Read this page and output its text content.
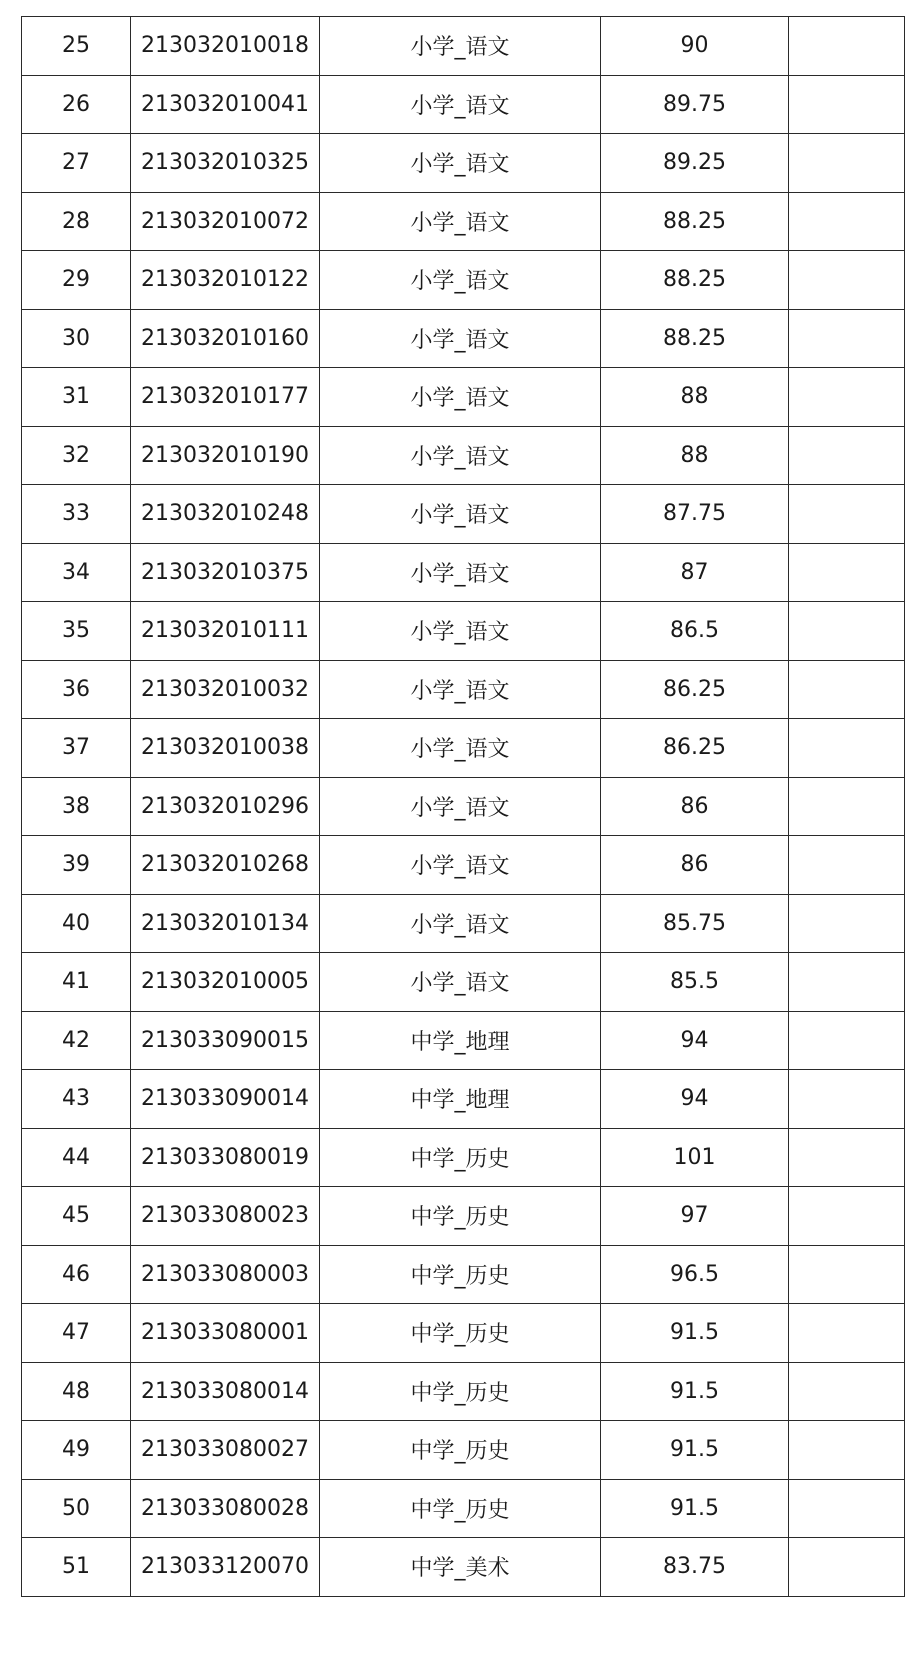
25	213032010018	小学_语文	90	
26	213032010041	小学_语文	89.75	
27	213032010325	小学_语文	89.25	
28	213032010072	小学_语文	88.25	
29	213032010122	小学_语文	88.25	
30	213032010160	小学_语文	88.25	
31	213032010177	小学_语文	88	
32	213032010190	小学_语文	88	
33	213032010248	小学_语文	87.75	
34	213032010375	小学_语文	87	
35	213032010111	小学_语文	86.5	
36	213032010032	小学_语文	86.25	
37	213032010038	小学_语文	86.25	
38	213032010296	小学_语文	86	
39	213032010268	小学_语文	86	
40	213032010134	小学_语文	85.75	
41	213032010005	小学_语文	85.5	
42	213033090015	中学_地理	94	
43	213033090014	中学_地理	94	
44	213033080019	中学_历史	101	
45	213033080023	中学_历史	97	
46	213033080003	中学_历史	96.5	
47	213033080001	中学_历史	91.5	
48	213033080014	中学_历史	91.5	
49	213033080027	中学_历史	91.5	
50	213033080028	中学_历史	91.5	
51	213033120070	中学_美术	83.75	
